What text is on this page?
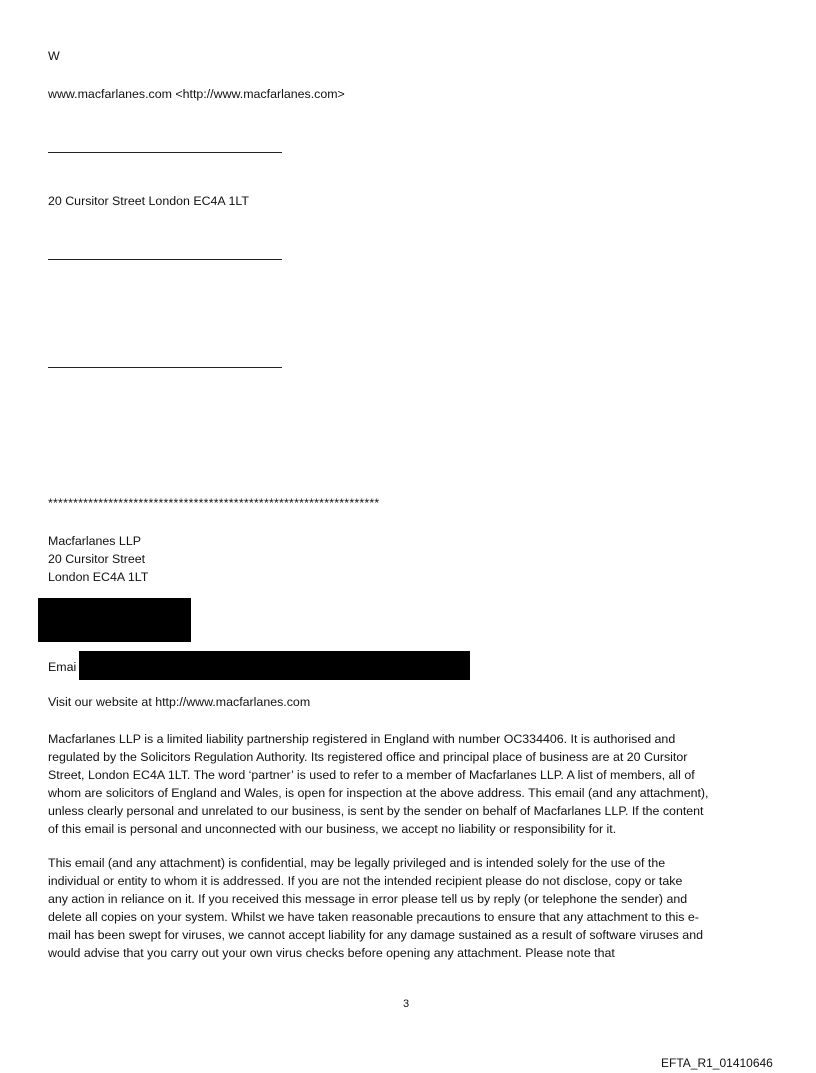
W
www.macfarlanes.com <http://www.macfarlanes.com>
20 Cursitor Street London EC4A 1LT
******************************************************************
Macfarlanes LLP
20 Cursitor Street
London EC4A 1LT
Emai
Visit our website at http://www.macfarlanes.com
Macfarlanes LLP is a limited liability partnership registered in England with number OC334406. It is authorised and
regulated by the Solicitors Regulation Authority. Its registered office and principal place of business are at 20 Cursitor
Street, London EC4A 1LT. The word ‘partner’ is used to refer to a member of Macfarlanes LLP. A list of members, all of
whom are solicitors of England and Wales, is open for inspection at the above address. This email (and any attachment),
unless clearly personal and unrelated to our business, is sent by the sender on behalf of Macfarlanes LLP. If the content
of this email is personal and unconnected with our business, we accept no liability or responsibility for it.
This email (and any attachment) is confidential, may be legally privileged and is intended solely for the use of the
individual or entity to whom it is addressed. If you are not the intended recipient please do not disclose, copy or take
any action in reliance on it. If you received this message in error please tell us by reply (or telephone the sender) and
delete all copies on your system. Whilst we have taken reasonable precautions to ensure that any attachment to this e-
mail has been swept for viruses, we cannot accept liability for any damage sustained as a result of software viruses and
would advise that you carry out your own virus checks before opening any attachment. Please note that
3
EFTA_R1_01410646
